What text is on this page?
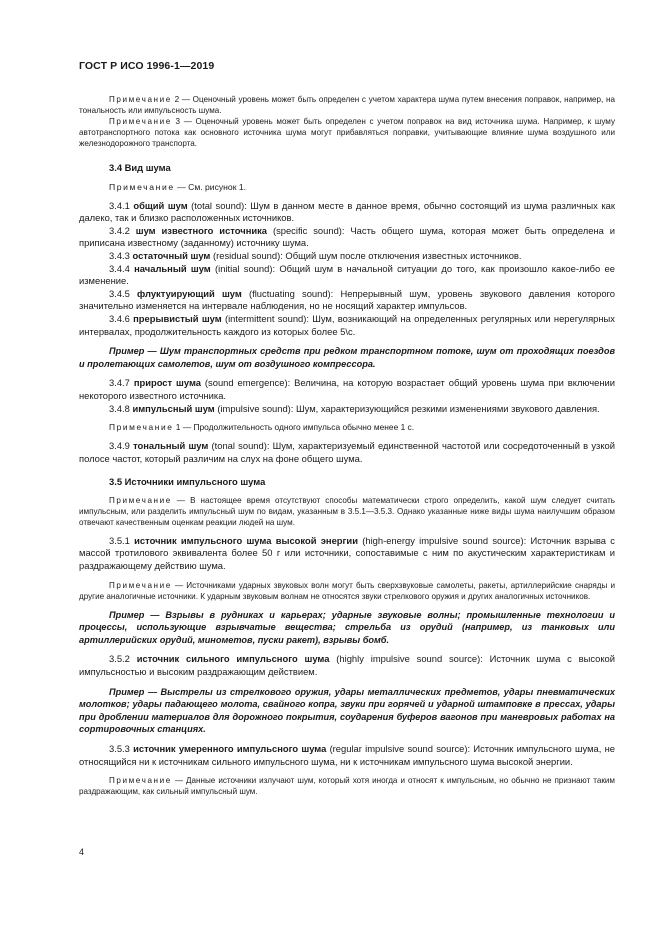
ГОСТ Р ИСО 1996-1—2019

Примечание 2 — Оценочный уровень может быть определен с учетом характера шума путем внесения поправок, например, на тональность или импульсность шума.

Примечание 3 — Оценочный уровень может быть определен с учетом поправок на вид источника шума. Например, к шуму автотранспортного потока как основного источника шума могут прибавляться поправки, учитывающие влияние шума воздушного или железнодорожного транспорта.

3.4 Вид шума

Примечание — См. рисунок 1.

3.4.1 общий шум (total sound): Шум в данном месте в данное время, обычно состоящий из шума различных как далеко, так и близко расположенных источников.

3.4.2 шум известного источника (specific sound): Часть общего шума, которая может быть определена и приписана известному (заданному) источнику шума.

3.4.3 остаточный шум (residual sound): Общий шум после отключения известных источников.

3.4.4 начальный шум (initial sound): Общий шум в начальной ситуации до того, как произошло какое-либо ее изменение.

3.4.5 флуктуирующий шум (fluctuating sound): Непрерывный шум, уровень звукового давления которого значительно изменяется на интервале наблюдения, но не носящий характер импульсов.

3.4.6 прерывистый шум (intermittent sound): Шум, возникающий на определенных регулярных или нерегулярных интервалах, продолжительность каждого из которых более 5\с.

Пример — Шум транспортных средств при редком транспортном потоке, шум от проходящих поездов и пролетающих самолетов, шум от воздушного компрессора.

3.4.7 прирост шума (sound emergence): Величина, на которую возрастает общий уровень шума при включении некоторого известного источника.

3.4.8 импульсный шум (impulsive sound): Шум, характеризующийся резкими изменениями звукового давления.

Примечание 1 — Продолжительность одного импульса обычно менее 1 с.

3.4.9 тональный шум (tonal sound): Шум, характеризуемый единственной частотой или сосредоточенный в узкой полосе частот, который различим на слух на фоне общего шума.

3.5 Источники импульсного шума

Примечание — В настоящее время отсутствуют способы математически строго определить, какой шум следует считать импульсным, или разделить импульсный шум по видам, указанным в 3.5.1—3.5.3. Однако указанные ниже виды шума наилучшим образом отвечают качественным оценкам реакции людей на шум.

3.5.1 источник импульсного шума высокой энергии (high-energy impulsive sound source): Источник взрыва с массой тротилового эквивалента более 50 г или источники, сопоставимые с ним по акустическим характеристикам и раздражающему действию шума.

Примечание — Источниками ударных звуковых волн могут быть сверхзвуковые самолеты, ракеты, артиллерийские снаряды и другие аналогичные источники. К ударным звуковым волнам не относятся звуки стрелкового оружия и других аналогичных источников.

Пример — Взрывы в рудниках и карьерах; ударные звуковые волны; промышленные технологии и процессы, использующие взрывчатые вещества; стрельба из орудий (например, из танковых или артиллерийских орудий, минометов, пуски ракет), взрывы бомб.

3.5.2 источник сильного импульсного шума (highly impulsive sound source): Источник шума с высокой импульсностью и высоким раздражающим действием.

Пример — Выстрелы из стрелкового оружия, удары металлических предметов, удары пневматических молотков; удары падающего молота, свайного копра, звуки при горячей и ударной штамповке в прессах, удары при дроблении материалов для дорожного покрытия, соударения буферов вагонов при маневровых работах на сортировочных станциях.

3.5.3 источник умеренного импульсного шума (regular impulsive sound source): Источник импульсного шума, не относящийся ни к источникам сильного импульсного шума, ни к источникам импульсного шума высокой энергии.

Примечание — Данные источники излучают шум, который хотя иногда и относят к импульсным, но обычно не признают таким раздражающим, как сильный импульсный шум.

4
